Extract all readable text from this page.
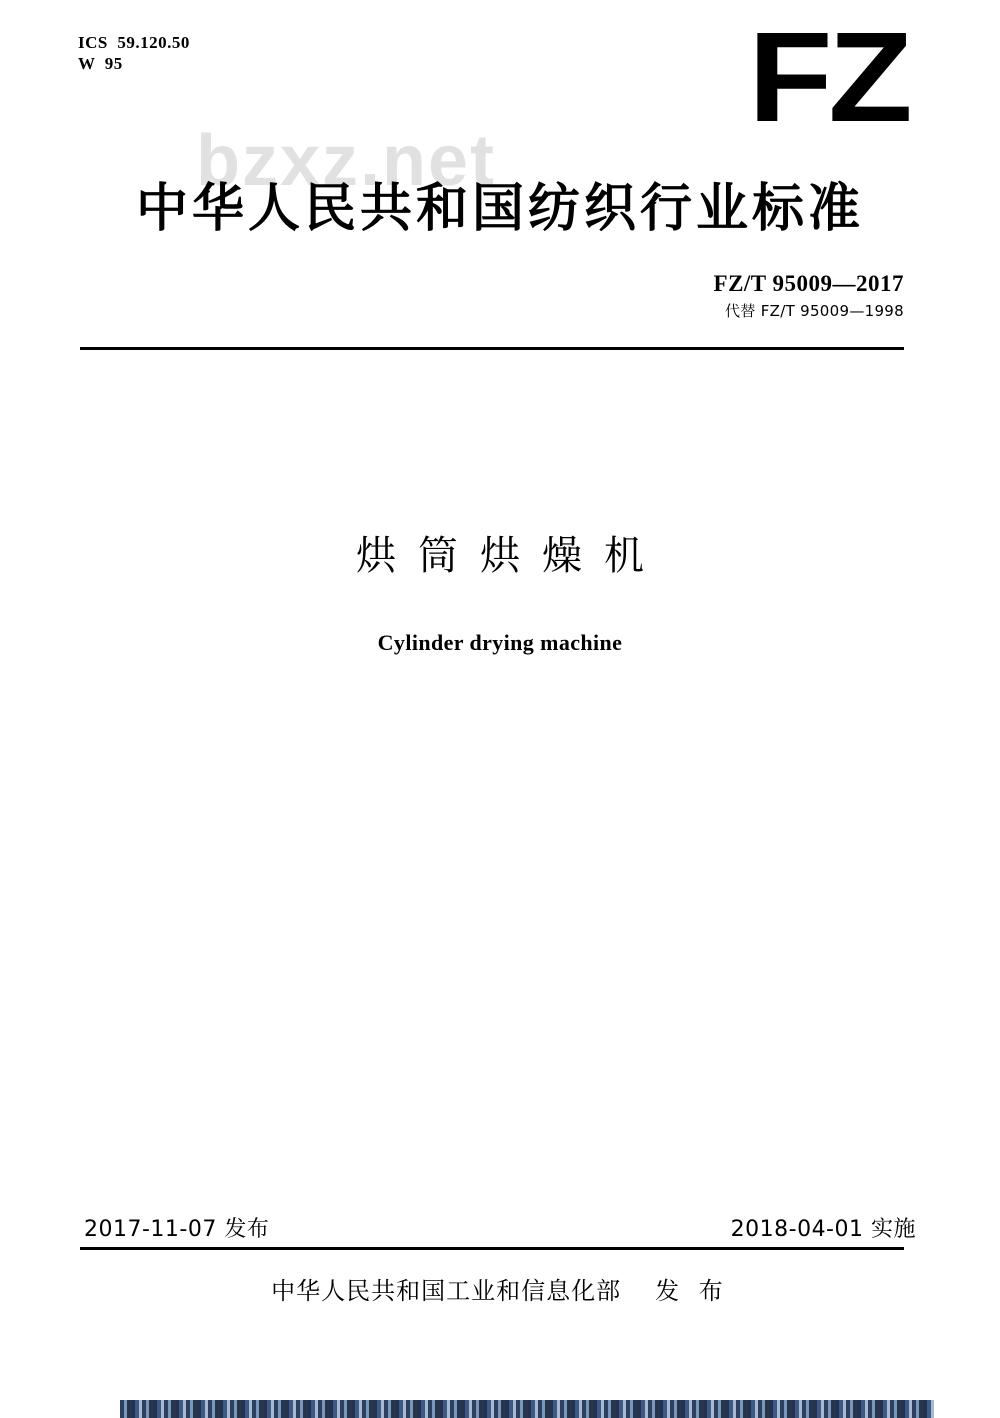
ICS  59.120.50
W  95	FZ
bzxz.net
中华人民共和国纺织行业标准
FZ/T 95009—2017
代替 FZ/T 95009—1998
烘筒烘燥机
Cylinder drying machine
2017-11-07 发布	2018-04-01 实施
中华人民共和国工业和信息化部 发 布
